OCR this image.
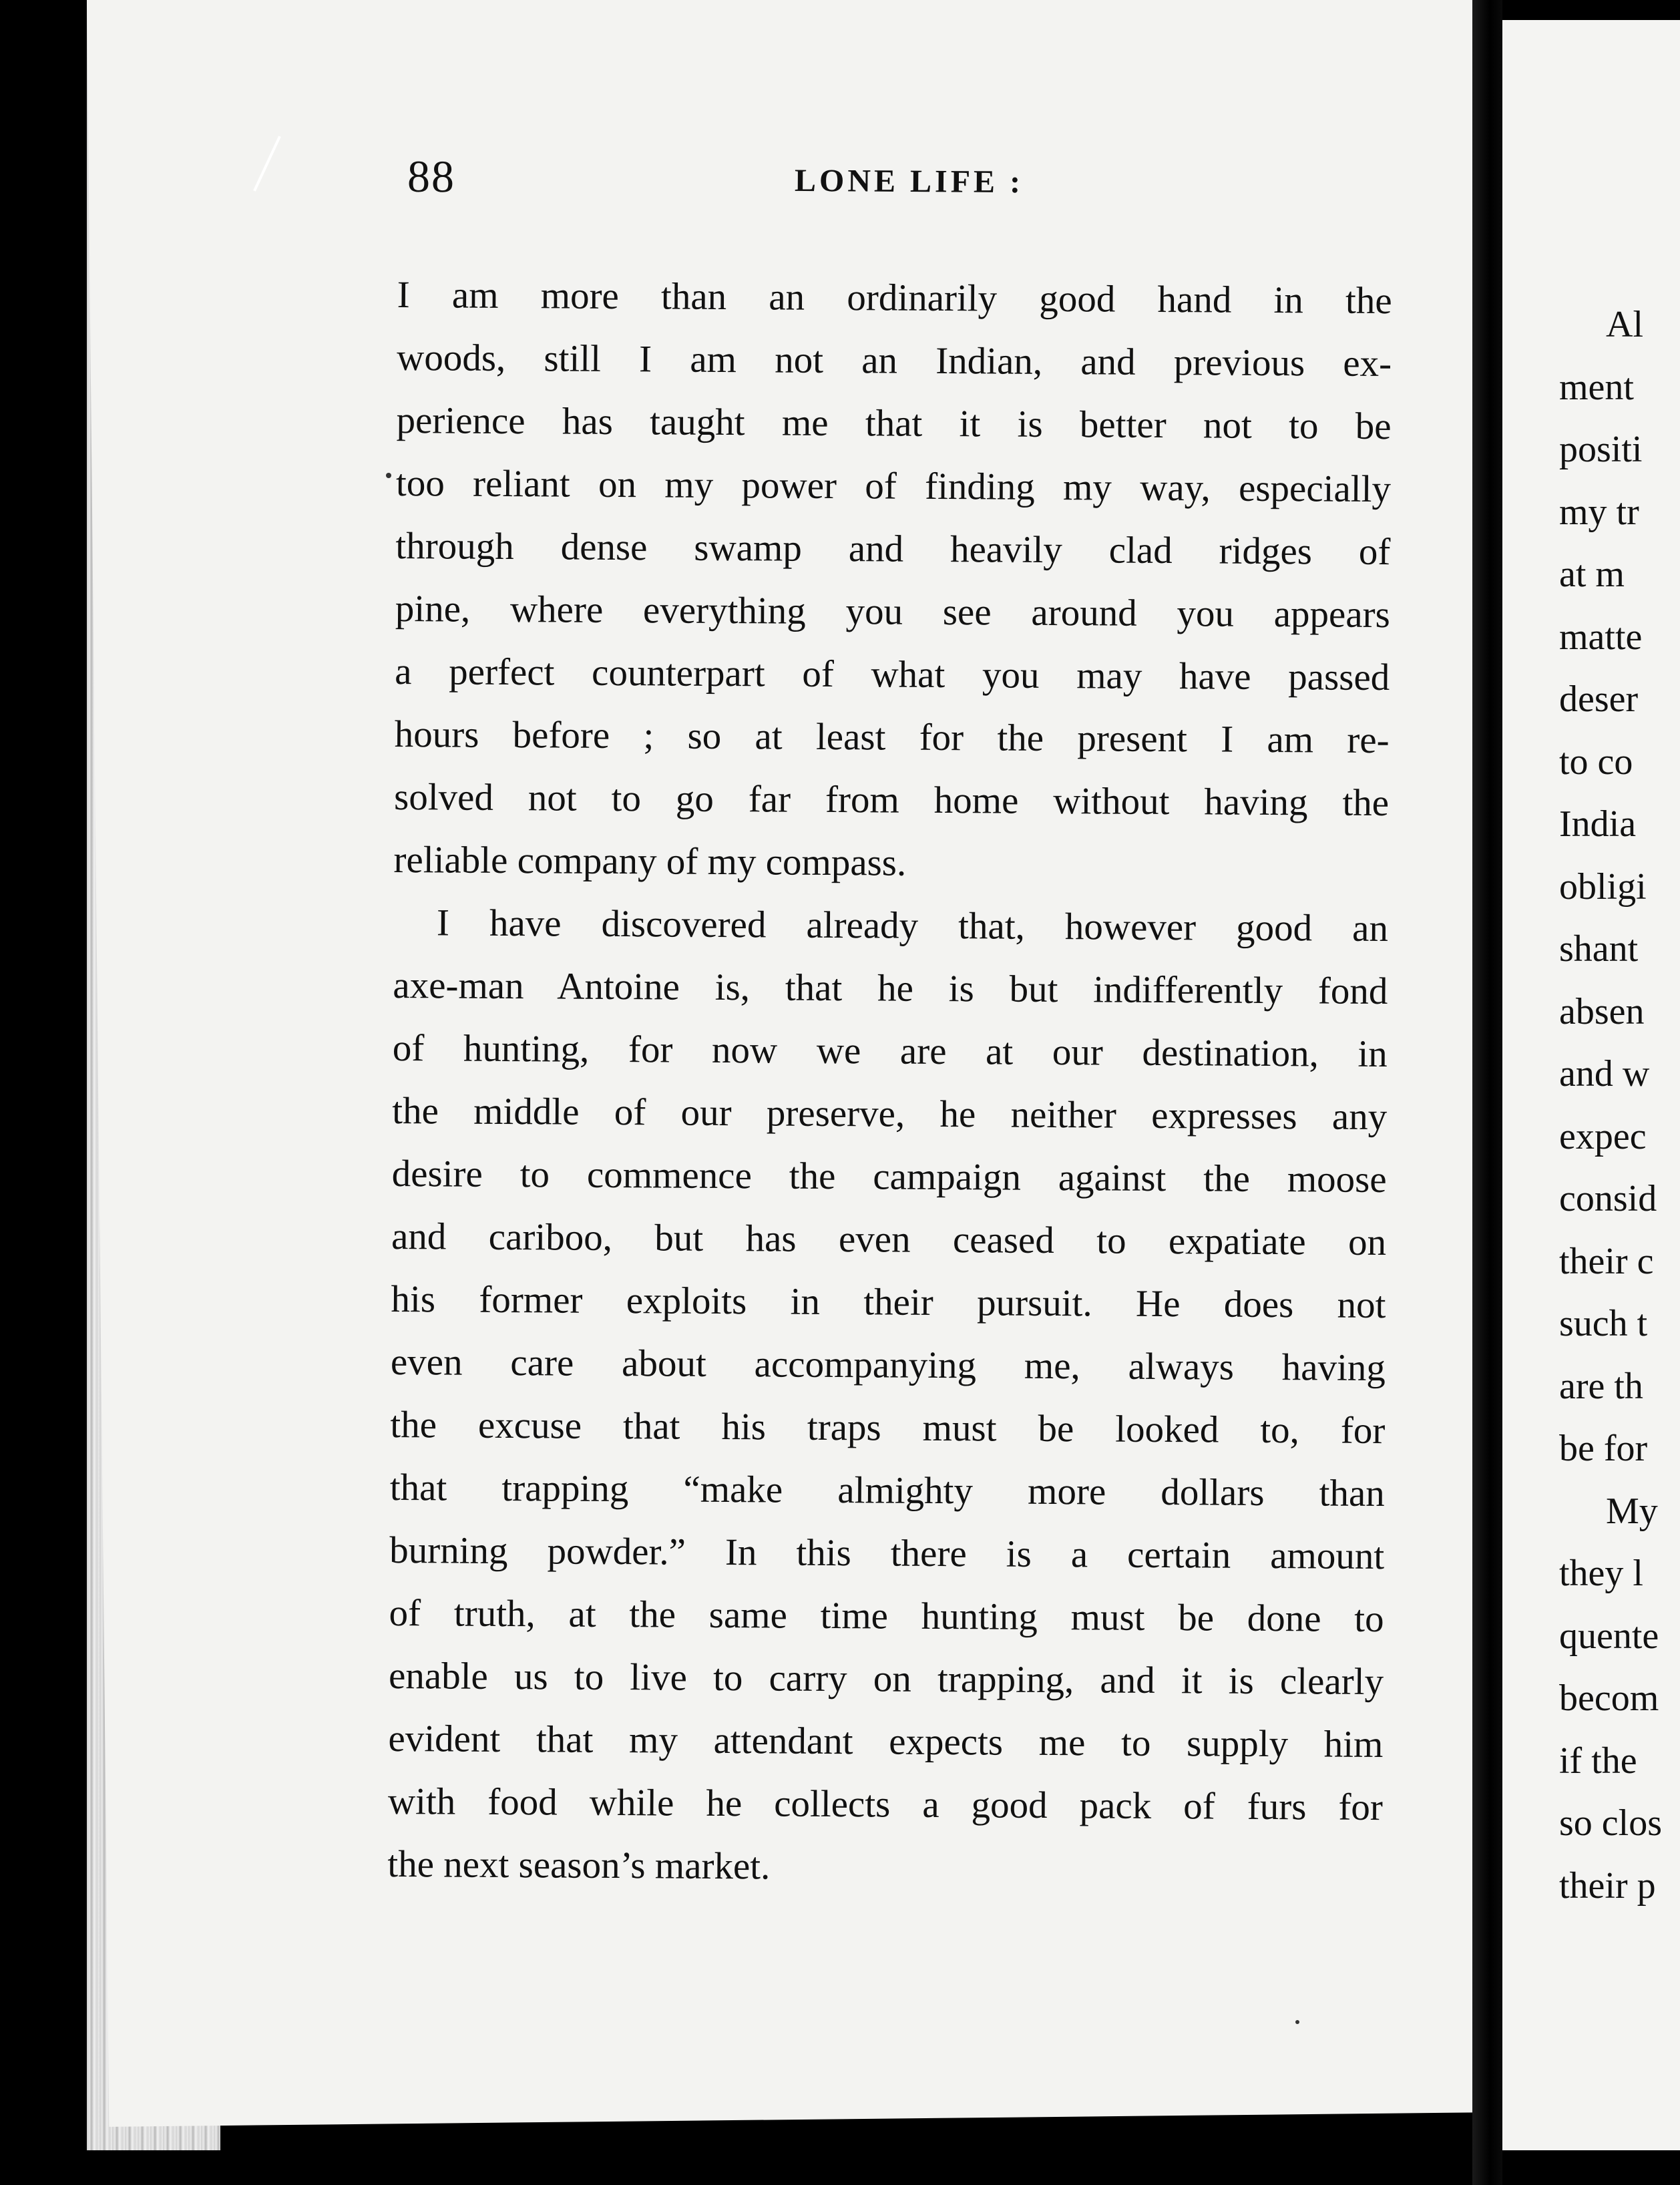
88	LONE LIFE :
I am more than an ordinarily good hand in the
woods, still I am not an Indian, and previous ex-
perience has taught me that it is better not to be
too reliant on my power of finding my way, especially
through dense swamp and heavily clad ridges of
pine, where everything you see around you appears
a perfect counterpart of what you may have passed
hours before ; so at least for the present I am re-
solved not to go far from home without having the
reliable company of my compass.
I have discovered already that, however good an
axe-man Antoine is, that he is but indifferently fond
of hunting, for now we are at our destination, in
the middle of our preserve, he neither expresses any
desire to commence the campaign against the moose
and cariboo, but has even ceased to expatiate on
his former exploits in their pursuit. He does not
even care about accompanying me, always having
the excuse that his traps must be looked to, for
that trapping “make almighty more dollars than
burning powder.” In this there is a certain amount
of truth, at the same time hunting must be done to
enable us to live to carry on trapping, and it is clearly
evident that my attendant expects me to supply him
with food while he collects a good pack of furs for
the next season’s market.
Al
ment
positi
my tr
at m
matte
deser
to co
India
obligi
shant
absen
and w
expec
consid
their c
such t
are th
be for
My
they l
quente
becom
if the
so clos
their p
